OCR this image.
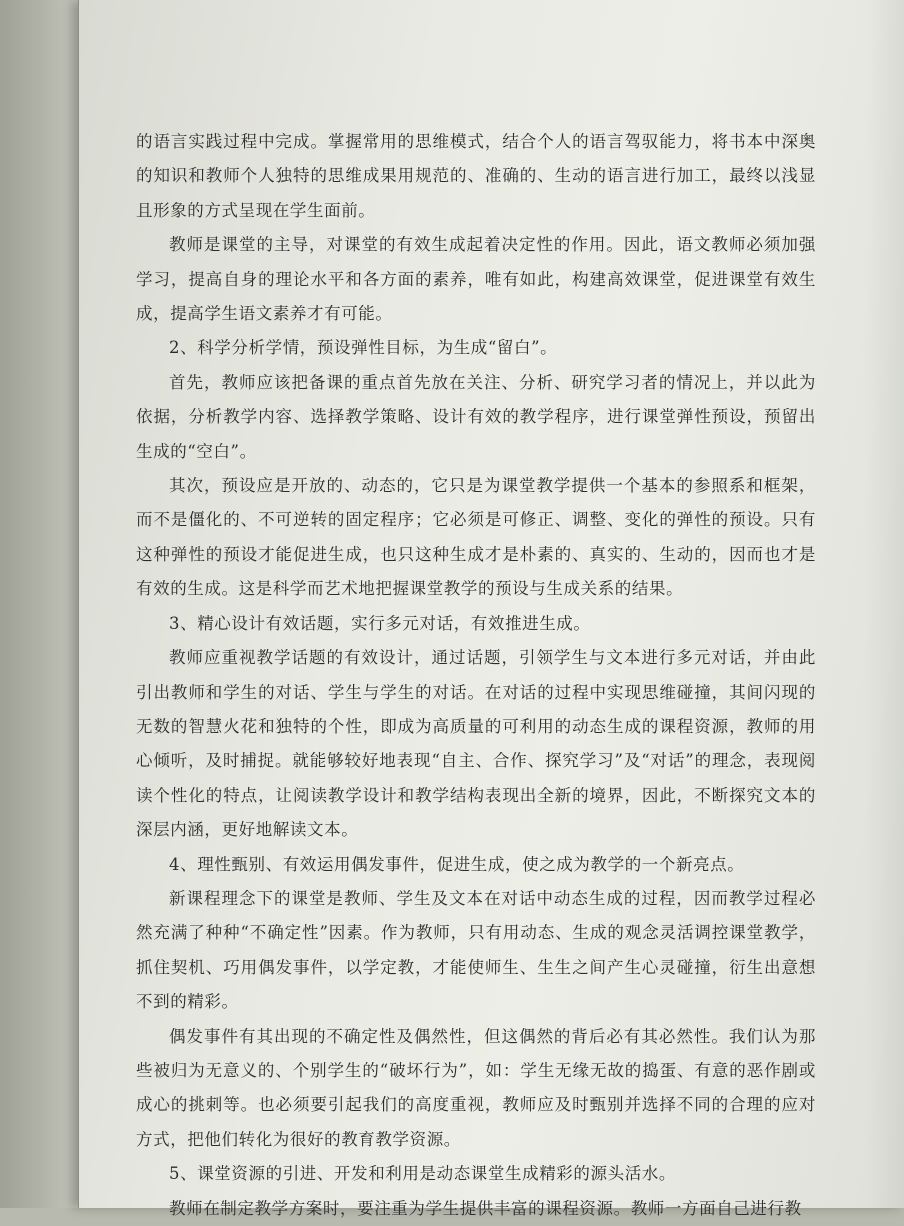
的语言实践过程中完成。掌握常用的思维模式，结合个人的语言驾驭能力，将书本中深奥的知识和教师个人独特的思维成果用规范的、准确的、生动的语言进行加工，最终以浅显且形象的方式呈现在学生面前。

教师是课堂的主导，对课堂的有效生成起着决定性的作用。因此，语文教师必须加强学习，提高自身的理论水平和各方面的素养，唯有如此，构建高效课堂，促进课堂有效生成，提高学生语文素养才有可能。

2、科学分析学情，预设弹性目标，为生成“留白”。

首先，教师应该把备课的重点首先放在关注、分析、研究学习者的情况上，并以此为依据，分析教学内容、选择教学策略、设计有效的教学程序，进行课堂弹性预设，预留出生成的“空白”。

其次，预设应是开放的、动态的，它只是为课堂教学提供一个基本的参照系和框架，而不是僵化的、不可逆转的固定程序；它必须是可修正、调整、变化的弹性的预设。只有这种弹性的预设才能促进生成，也只这种生成才是朴素的、真实的、生动的，因而也才是有效的生成。这是科学而艺术地把握课堂教学的预设与生成关系的结果。

3、精心设计有效话题，实行多元对话，有效推进生成。

教师应重视教学话题的有效设计，通过话题，引领学生与文本进行多元对话，并由此引出教师和学生的对话、学生与学生的对话。在对话的过程中实现思维碰撞，其间闪现的无数的智慧火花和独特的个性，即成为高质量的可利用的动态生成的课程资源，教师的用心倾听，及时捕捉。就能够较好地表现“自主、合作、探究学习”及“对话”的理念，表现阅读个性化的特点，让阅读教学设计和教学结构表现出全新的境界，因此，不断探究文本的深层内涵，更好地解读文本。

4、理性甄别、有效运用偶发事件，促进生成，使之成为教学的一个新亮点。

新课程理念下的课堂是教师、学生及文本在对话中动态生成的过程，因而教学过程必然充满了种种“不确定性”因素。作为教师，只有用动态、生成的观念灵活调控课堂教学，抓住契机、巧用偶发事件，以学定教，才能使师生、生生之间产生心灵碰撞，衍生出意想不到的精彩。

偶发事件有其出现的不确定性及偶然性，但这偶然的背后必有其必然性。我们认为那些被归为无意义的、个别学生的“破坏行为”，如：学生无缘无故的捣蛋、有意的恶作剧或成心的挑刺等。也必须要引起我们的高度重视，教师应及时甄别并选择不同的合理的应对方式，把他们转化为很好的教育教学资源。

5、课堂资源的引进、开发和利用是动态课堂生成精彩的源头活水。

教师在制定教学方案时，要注重为学生提供丰富的课程资源。教师一方面自己进行教
